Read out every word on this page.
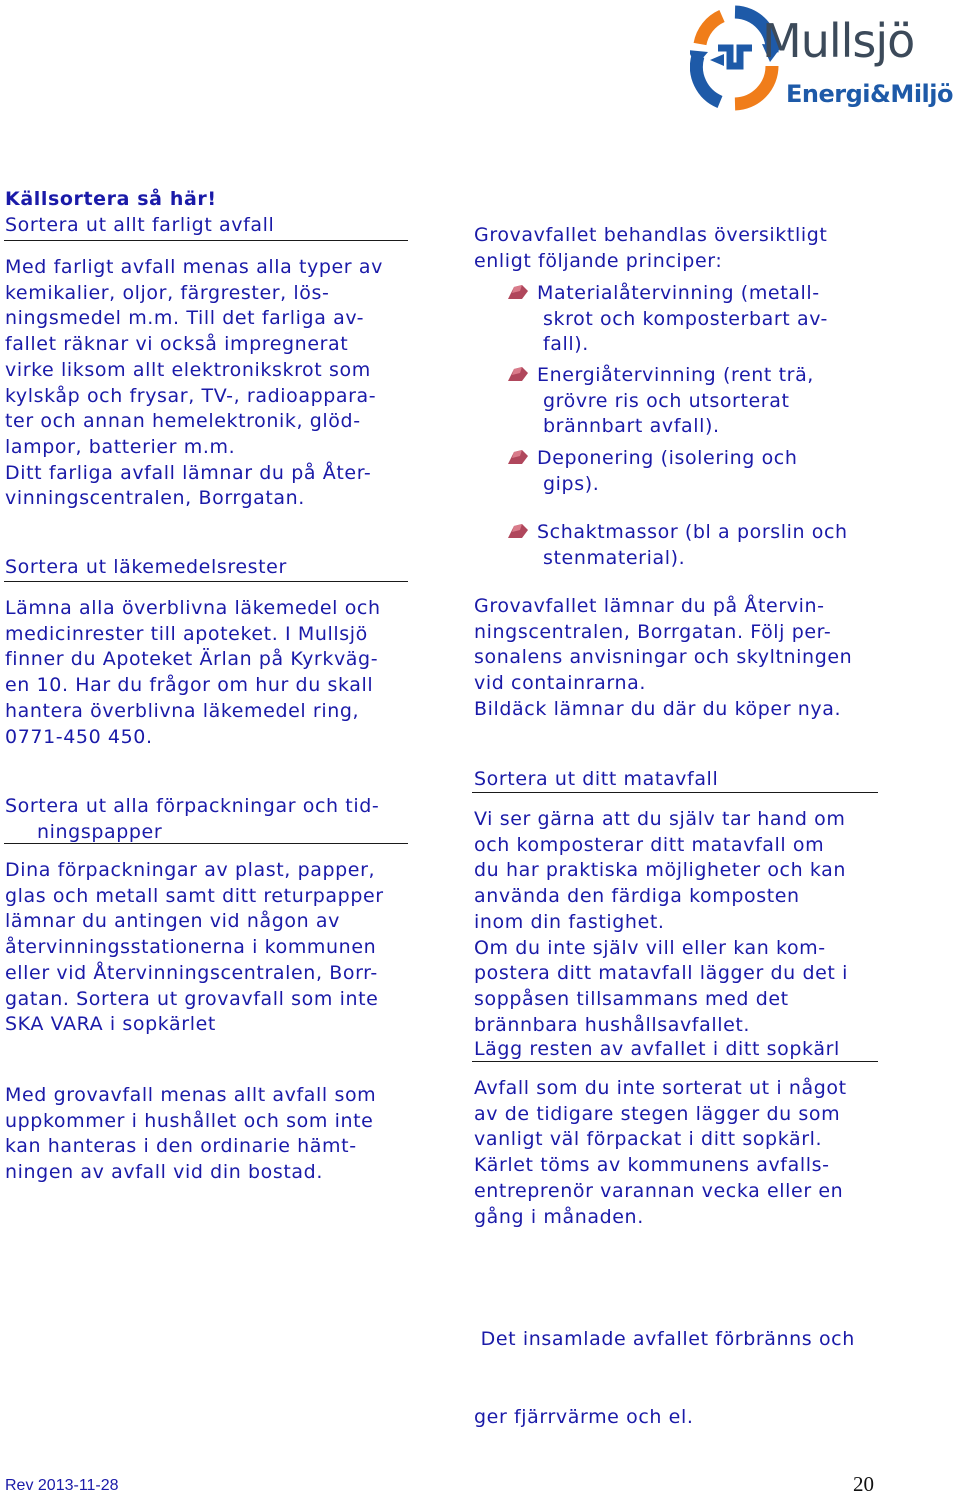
Mullsjö
Energi&Miljö

Källsortera så här!

Sortera ut allt farligt avfall

Med farligt avfall menas alla typer av

kemikalier, oljor, färgrester, lös-

ningsmedel m.m. Till det farliga av-

fallet räknar vi också impregnerat

virke liksom allt elektronikskrot som

kylskåp och frysar, TV-, radioappara-

ter och annan hemelektronik, glöd-

lampor, batterier m.m.

Ditt farliga avfall lämnar du på Åter-

vinningscentralen, Borrgatan.

Sortera ut läkemedelsrester

Lämna alla överblivna läkemedel och

medicinrester till apoteket. I Mullsjö

finner du Apoteket Ärlan på Kyrkväg-

en 10. Har du frågor om hur du skall

hantera överblivna läkemedel ring,

0771-450 450.

Sortera ut alla förpackningar och tid-

ningspapper

Dina förpackningar av plast, papper,

glas och metall samt ditt returpapper

lämnar du antingen vid någon av

återvinningsstationerna i kommunen

eller vid Återvinningscentralen, Borr-

gatan. Sortera ut grovavfall som inte

SKA VARA i sopkärlet

Med grovavfall menas allt avfall som

uppkommer i hushållet och som inte

kan hanteras i den ordinarie hämt-

ningen av avfall vid din bostad.

Grovavfallet behandlas översiktligt

enligt följande principer:

Materialåtervinning (metall-

skrot och komposterbart av-

fall).

Energiåtervinning (rent trä,

grövre ris och utsorterat

brännbart avfall).

Deponering (isolering och

gips).

Schaktmassor (bl a porslin och

stenmaterial).

Grovavfallet lämnar du på Återvin-

ningscentralen, Borrgatan. Följ per-

sonalens anvisningar och skyltningen

vid containrarna.

Bildäck lämnar du där du köper nya.

Sortera ut ditt matavfall

Vi ser gärna att du själv tar hand om

och komposterar ditt matavfall om

du har praktiska möjligheter och kan

använda den färdiga komposten

inom din fastighet.

Om du inte själv vill eller kan kom-

postera ditt matavfall lägger du det i

soppåsen tillsammans med det

brännbara hushållsavfallet.

Lägg resten av avfallet i ditt sopkärl

Avfall som du inte sorterat ut i något

av de tidigare stegen lägger du som

vanligt väl förpackat i ditt sopkärl.

Kärlet töms av kommunens avfalls-

entreprenör varannan vecka eller en

gång i månaden.

Det insamlade avfallet förbränns och

ger fjärrvärme och el.

Rev 2013-11-28	20
